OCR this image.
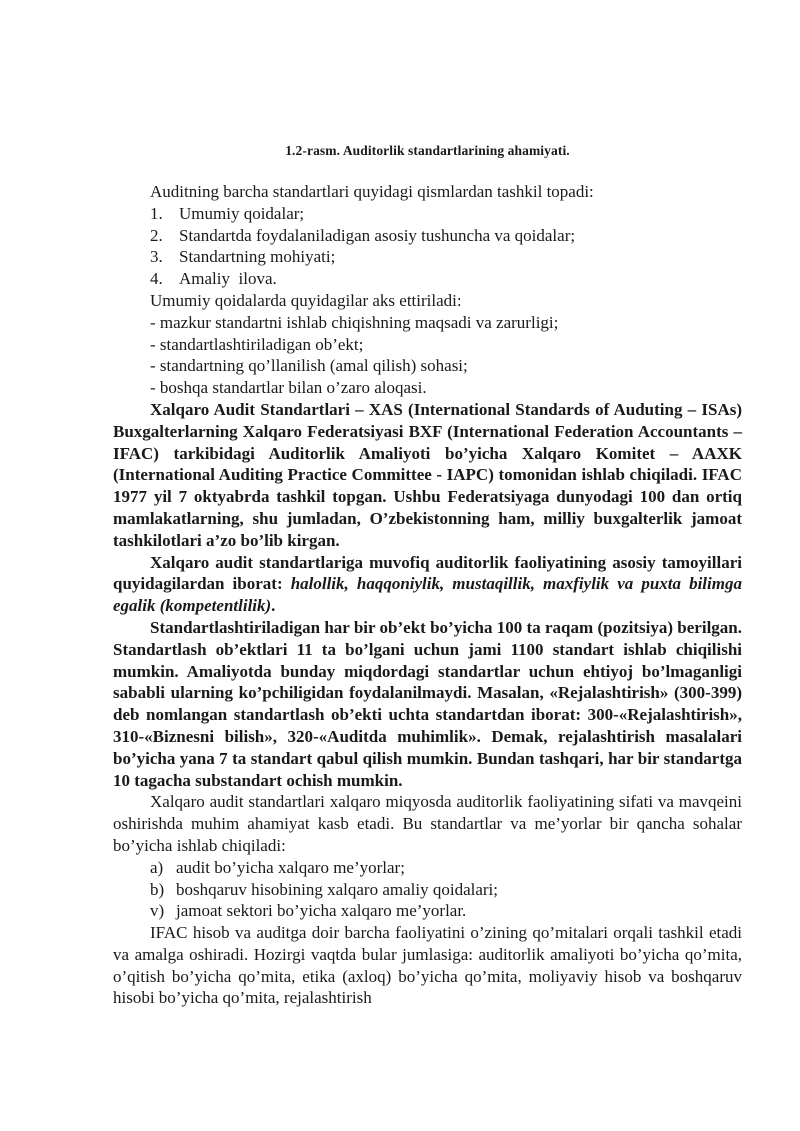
1.2-rasm. Auditorlik standartlarining ahamiyati.
Auditning barcha standartlari quyidagi qismlardan tashkil topadi:
1. Umumiy qoidalar;
2. Standartda foydalaniladigan asosiy tushuncha va qoidalar;
3. Standartning mohiyati;
4. Amaliy  ilova.
Umumiy qoidalarda quyidagilar aks ettiriladi:
- mazkur standartni ishlab chiqishning maqsadi va zarurligi;
- standartlashtiriladigan ob’ekt;
- standartning qo’llanilish (amal qilish) sohasi;
- boshqa standartlar bilan o’zaro aloqasi.
Xalqaro Audit Standartlari – XAS (International Standards of Auduting – ISAs) Buxgalterlarning Xalqaro Federatsiyasi BXF (International Federation Accountants – IFAC) tarkibidagi Auditorlik Amaliyoti bo’yicha Xalqaro Komitet – AAXK (International Auditing Practice Committee - IAPC) tomonidan ishlab chiqiladi. IFAC 1977 yil 7 oktyabrda tashkil topgan. Ushbu Federatsiyaga dunyodagi 100 dan ortiq mamlakatlarning, shu jumladan, O’zbekistonning ham, milliy buxgalterlik jamoat tashkilotlari a’zo bo’lib kirgan.
Xalqaro audit standartlariga muvofiq auditorlik faoliyatining asosiy tamoyillari quyidagilardan iborat: halollik, haqqoniylik, mustaqillik, maxfiylik va puxta bilimga egalik (kompetentlilik).
Standartlashtiriladigan har bir ob’ekt bo’yicha 100 ta raqam (pozitsiya) berilgan. Standartlash ob’ektlari 11 ta bo’lgani uchun jami 1100 standart ishlab chiqilishi mumkin. Amaliyotda bunday miqdordagi standartlar uchun ehtiyoj bo’lmaganligi sababli ularning ko’pchiligidan foydalanilmaydi. Masalan, «Rejalashtirish» (300-399) deb nomlangan standartlash ob’ekti uchta standartdan iborat: 300-«Rejalashtirish», 310-«Biznesni bilish», 320-«Auditda muhimlik». Demak, rejalashtirish masalalari bo’yicha yana 7 ta standart qabul qilish mumkin. Bundan tashqari, har bir standartga 10 tagacha substandart ochish mumkin.
Xalqaro audit standartlari xalqaro miqyosda auditorlik faoliyatining sifati va mavqeini oshirishda muhim ahamiyat kasb etadi. Bu standartlar va me’yorlar bir qancha sohalar bo’yicha ishlab chiqiladi:
a) audit bo’yicha xalqaro me’yorlar;
b) boshqaruv hisobining xalqaro amaliy qoidalari;
v) jamoat sektori bo’yicha xalqaro me’yorlar.
IFAC hisob va auditga doir barcha faoliyatini o’zining qo’mitalari orqali tashkil etadi va amalga oshiradi. Hozirgi vaqtda bular jumlasiga: auditorlik amaliyoti bo’yicha qo’mita, o’qitish bo’yicha qo’mita, etika (axloq) bo’yicha qo’mita, moliyaviy hisob va boshqaruv hisobi bo’yicha qo’mita, rejalashtirish
